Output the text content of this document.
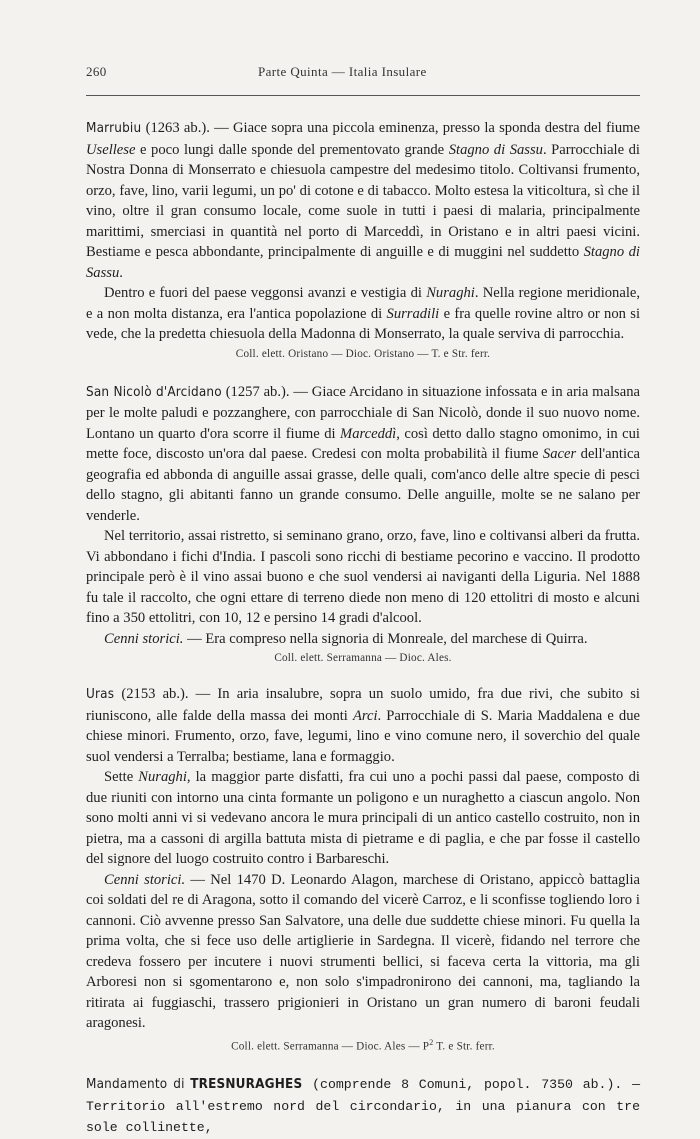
260	Parte Quinta — Italia Insulare

Marrubiu (1263 ab.). — Giace sopra una piccola eminenza, presso la sponda destra del fiume Usellese e poco lungi dalle sponde del prementovato grande Stagno di Sassu. Parrocchiale di Nostra Donna di Monserrato e chiesuola campestre del medesimo titolo. Coltivansi frumento, orzo, fave, lino, varii legumi, un po' di cotone e di tabacco. Molto estesa la viticoltura, sì che il vino, oltre il gran consumo locale, come suole in tutti i paesi di malaria, principalmente marittimi, smerciasi in quantità nel porto di Marceddì, in Oristano e in altri paesi vicini. Bestiame e pesca abbondante, principalmente di anguille e di muggini nel suddetto Stagno di Sassu.

Dentro e fuori del paese veggonsi avanzi e vestigia di Nuraghi. Nella regione meridionale, e a non molta distanza, era l'antica popolazione di Surradili e fra quelle rovine altro or non si vede, che la predetta chiesuola della Madonna di Monserrato, la quale serviva di parrocchia.

Coll. elett. Oristano — Dioc. Oristano — T. e Str. ferr.

San Nicolò d'Arcidano (1257 ab.). — Giace Arcidano in situazione infossata e in aria malsana per le molte paludi e pozzanghere, con parrocchiale di San Nicolò, donde il suo nuovo nome. Lontano un quarto d'ora scorre il fiume di Marceddì, così detto dallo stagno omonimo, in cui mette foce, discosto un'ora dal paese. Credesi con molta probabilità il fiume Sacer dell'antica geografia ed abbonda di anguille assai grasse, delle quali, com'anco delle altre specie di pesci dello stagno, gli abitanti fanno un grande consumo. Delle anguille, molte se ne salano per venderle.

Nel territorio, assai ristretto, si seminano grano, orzo, fave, lino e coltivansi alberi da frutta. Vi abbondano i fichi d'India. I pascoli sono ricchi di bestiame pecorino e vaccino. Il prodotto principale però è il vino assai buono e che suol vendersi ai naviganti della Liguria. Nel 1888 fu tale il raccolto, che ogni ettare di terreno diede non meno di 120 ettolitri di mosto e alcuni fino a 350 ettolitri, con 10, 12 e persino 14 gradi d'alcool.

Cenni storici. — Era compreso nella signoria di Monreale, del marchese di Quirra.

Coll. elett. Serramanna — Dioc. Ales.

Uras (2153 ab.). — In aria insalubre, sopra un suolo umido, fra due rivi, che subito si riuniscono, alle falde della massa dei monti Arci. Parrocchiale di S. Maria Maddalena e due chiese minori. Frumento, orzo, fave, legumi, lino e vino comune nero, il soverchio del quale suol vendersi a Terralba; bestiame, lana e formaggio.

Sette Nuraghi, la maggior parte disfatti, fra cui uno a pochi passi dal paese, composto di due riuniti con intorno una cinta formante un poligono e un nuraghetto a ciascun angolo. Non sono molti anni vi si vedevano ancora le mura principali di un antico castello costruito, non in pietra, ma a cassoni di argilla battuta mista di pietrame e di paglia, e che par fosse il castello del signore del luogo costruito contro i Barbareschi.

Cenni storici. — Nel 1470 D. Leonardo Alagon, marchese di Oristano, appiccò battaglia coi soldati del re di Aragona, sotto il comando del vicerè Carroz, e li sconfisse togliendo loro i cannoni. Ciò avvenne presso San Salvatore, una delle due suddette chiese minori. Fu quella la prima volta, che si fece uso delle artiglierie in Sardegna. Il vicerè, fidando nel terrore che credeva fossero per incutere i nuovi strumenti bellici, si faceva certa la vittoria, ma gli Arboresi non si sgomentarono e, non solo s'impadronirono dei cannoni, ma, tagliando la ritirata ai fuggiaschi, trassero prigionieri in Oristano un gran numero di baroni feudali aragonesi.

Coll. elett. Serramanna — Dioc. Ales — $P^2$ T. e Str. ferr.

Mandamento di TRESNURAGHES (comprende 8 Comuni, popol. 7350 ab.). — Territorio all'estremo nord del circondario, in una pianura con tre sole collinette,
